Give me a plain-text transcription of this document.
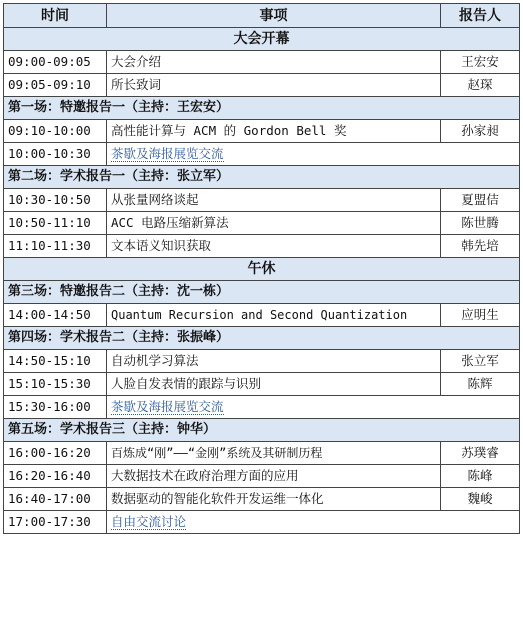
时间	事项	报告人
大会开幕		
09:00-09:05	大会介绍	王宏安
09:05-09:10	所长致词	赵琛
第一场：特邀报告一（主持：王宏安）		
09:10-10:00	高性能计算与 ACM 的 Gordon Bell 奖	孙家昶
10:00-10:30	茶歇及海报展览交流	
第二场：学术报告一（主持：张立军）		
10:30-10:50	从张量网络谈起	夏盟佶
10:50-11:10	ACC 电路压缩新算法	陈世腾
11:10-11:30	文本语义知识获取	韩先培
午休		
第三场：特邀报告二（主持：沈一栋）		
14:00-14:50	Quantum Recursion and Second Quantization	应明生
第四场：学术报告二（主持：张振峰）		
14:50-15:10	自动机学习算法	张立军
15:10-15:30	人脸自发表情的跟踪与识别	陈辉
15:30-16:00	茶歇及海报展览交流	
第五场：学术报告三（主持：钟华）		
16:00-16:20	百炼成“刚”——“金刚”系统及其研制历程	苏璞睿
16:20-16:40	大数据技术在政府治理方面的应用	陈峰
16:40-17:00	数据驱动的智能化软件开发运维一体化	魏峻
17:00-17:30	自由交流讨论	
